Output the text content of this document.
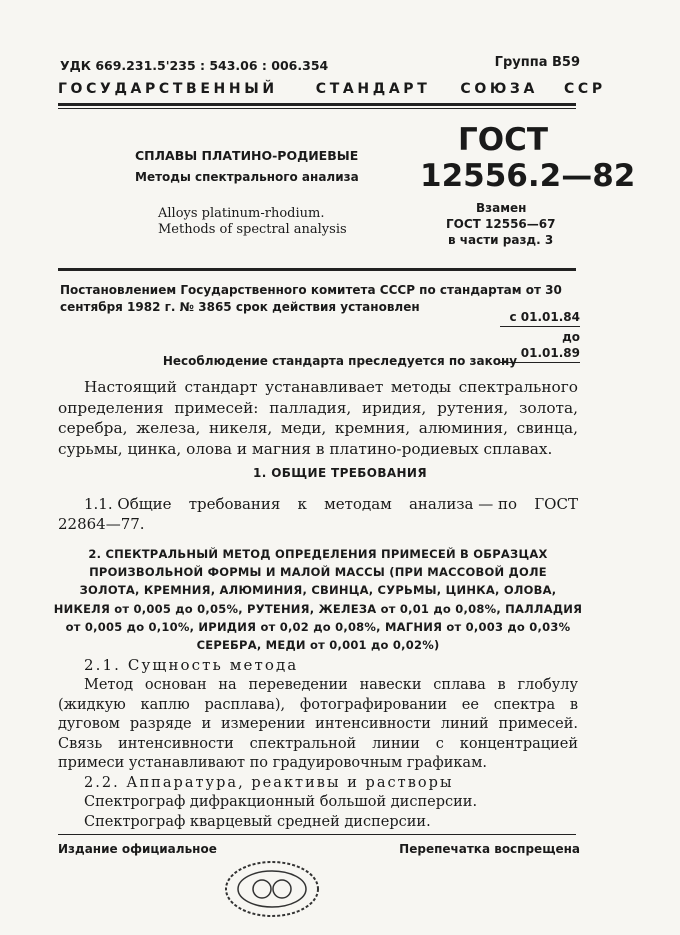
УДК 669.231.5'235 : 543.06 : 006.354	Группа В59
ГОСУДАРСТВЕННЫЙ	СТАНДАРТ СОЮЗА ССР
СПЛАВЫ ПЛАТИНО-РОДИЕВЫЕ
Методы спектрального анализа
Alloys platinum-rhodium.
Methods of spectral analysis
ГОСТ
12556.2—82
Взамен
ГОСТ 12556—67
в части разд. 3
Постановлением Государственного комитета СССР по стандартам от 30 сентября 1982 г. № 3865 срок действия установлен
с 01.01.84
до 01.01.89
Несоблюдение стандарта преследуется по закону
Настоящий стандарт устанавливает методы спектрального определения примесей: палладия, иридия, рутения, золота, серебра, железа, никеля, меди, кремния, алюминия, свинца, сурьмы, цинка, олова и магния в платино-родиевых сплавах.
1. ОБЩИЕ ТРЕБОВАНИЯ
1.1. Общие требования к методам анализа — по ГОСТ
22864—77.
2. СПЕКТРАЛЬНЫЙ МЕТОД ОПРЕДЕЛЕНИЯ ПРИМЕСЕЙ В ОБРАЗЦАХ
ПРОИЗВОЛЬНОЙ ФОРМЫ И МАЛОЙ МАССЫ (ПРИ МАССОВОЙ ДОЛЕ
ЗОЛОТА, КРЕМНИЯ, АЛЮМИНИЯ, СВИНЦА, СУРЬМЫ, ЦИНКА, ОЛОВА,
НИКЕЛЯ от 0,005 до 0,05%, РУТЕНИЯ, ЖЕЛЕЗА от 0,01 до 0,08%, ПАЛЛАДИЯ
от 0,005 до 0,10%, ИРИДИЯ от 0,02 до 0,08%, МАГНИЯ от 0,003 до 0,03%
СЕРЕБРА, МЕДИ от 0,001 до 0,02%)
2.1. Сущность метода

Метод основан на переведении навески сплава в глобулу (жидкую каплю расплава), фотографировании ее спектра в дуговом разряде и измерении интенсивности линий примесей. Связь интенсивности спектральной линии с концентрацией примеси устанавливают по градуировочным графикам.

2.2. Аппаратура, реактивы и растворы

Спектрограф дифракционный большой дисперсии.

Спектрограф кварцевый средней дисперсии.

Издание официальное	Перепечатка воспрещена
